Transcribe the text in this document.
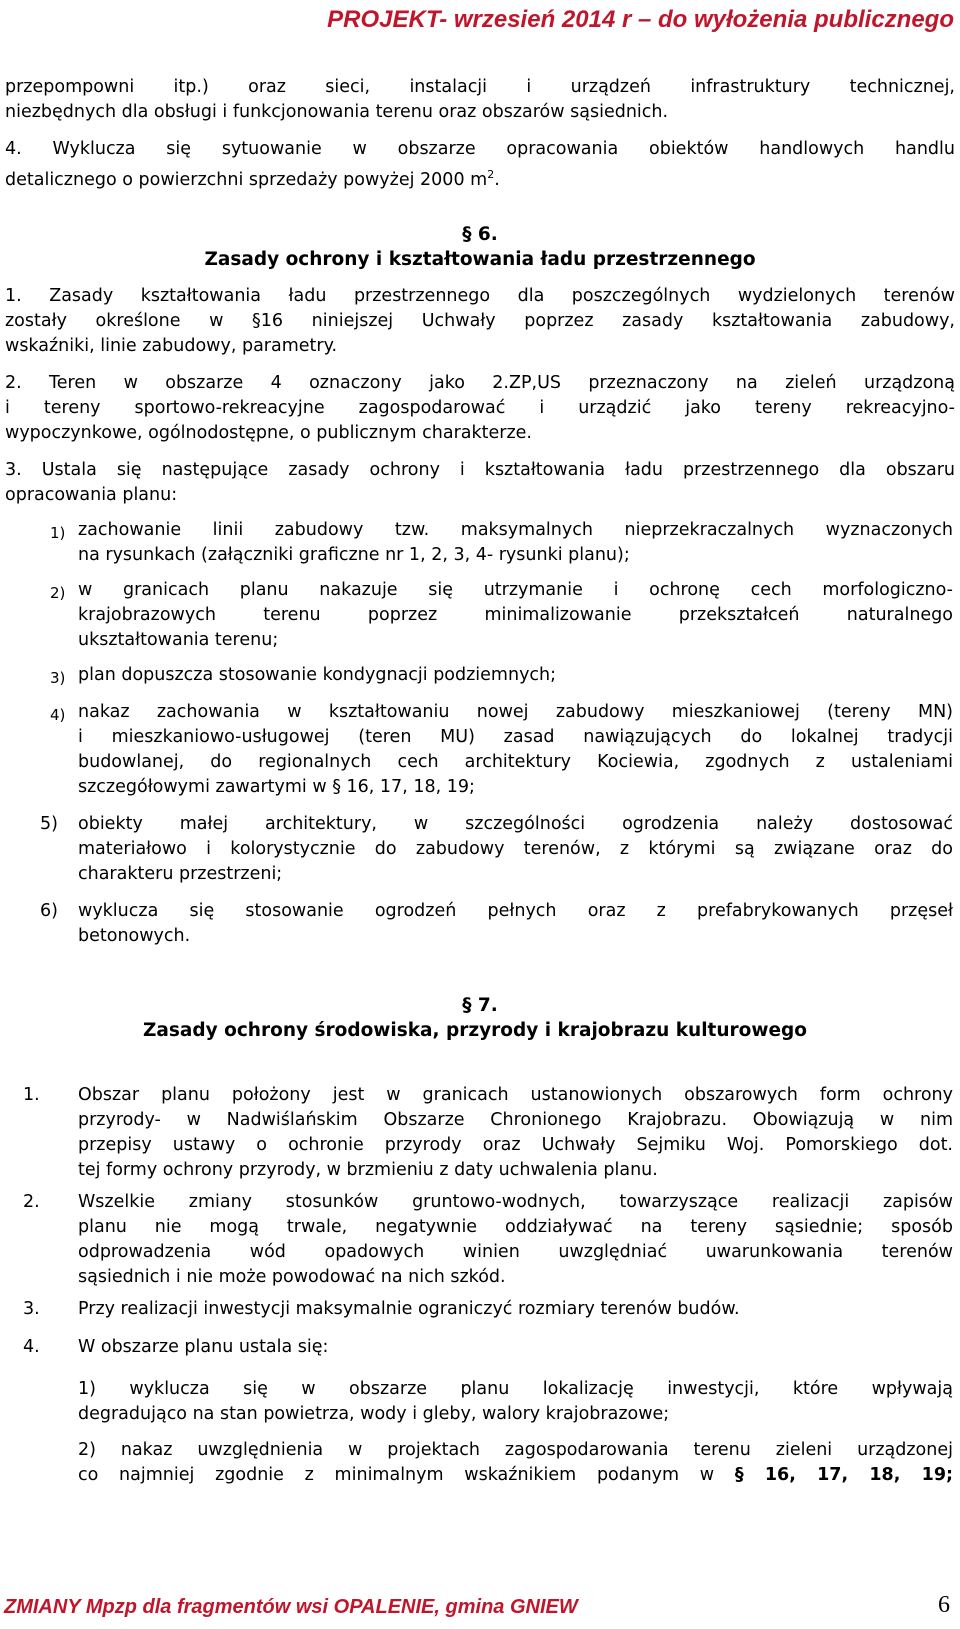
PROJEKT- wrzesień 2014 r – do wyłożenia publicznego
przepompowni itp.) oraz sieci, instalacji i urządzeń infrastruktury technicznej,
niezbędnych dla obsługi i funkcjonowania terenu oraz obszarów sąsiednich.
4. Wyklucza się sytuowanie w obszarze opracowania obiektów handlowych handlu
detalicznego o powierzchni sprzedaży powyżej 2000 $m^2$.
§ 6.
Zasady ochrony i kształtowania ładu przestrzennego
1. Zasady kształtowania ładu przestrzennego dla poszczególnych wydzielonych terenów
zostały określone w §16 niniejszej Uchwały poprzez zasady kształtowania zabudowy,
wskaźniki, linie zabudowy, parametry.
2. Teren w obszarze 4 oznaczony jako 2.ZP,US przeznaczony na zieleń urządzoną
i tereny sportowo-rekreacyjne zagospodarować i urządzić jako tereny rekreacyjno-
wypoczynkowe, ogólnodostępne, o publicznym charakterze.
3. Ustala się następujące zasady ochrony i kształtowania ładu przestrzennego dla obszaru
opracowania planu:
1) zachowanie linii zabudowy tzw. maksymalnych nieprzekraczalnych wyznaczonych
na rysunkach (załączniki graficzne nr 1, 2, 3, 4- rysunki planu);
2) w granicach planu nakazuje się utrzymanie i ochronę cech morfologiczno-
krajobrazowych terenu poprzez minimalizowanie przekształceń naturalnego
ukształtowania terenu;
3) plan dopuszcza stosowanie kondygnacji podziemnych;
4) nakaz zachowania w kształtowaniu nowej zabudowy mieszkaniowej (tereny MN)
i mieszkaniowo-usługowej (teren MU) zasad nawiązujących do lokalnej tradycji
budowlanej, do regionalnych cech architektury Kociewia, zgodnych z ustaleniami
szczegółowymi zawartymi w § 16, 17, 18, 19;
5) obiekty małej architektury, w szczególności ogrodzenia należy dostosować
materiałowo i kolorystycznie do zabudowy terenów, z którymi są związane oraz do
charakteru przestrzeni;
6) wyklucza się stosowanie ogrodzeń pełnych oraz z prefabrykowanych przęseł
betonowych.
§ 7.
Zasady ochrony środowiska, przyrody i krajobrazu kulturowego
1. Obszar planu położony jest w granicach ustanowionych obszarowych form ochrony
przyrody- w Nadwiślańskim Obszarze Chronionego Krajobrazu. Obowiązują w nim
przepisy ustawy o ochronie przyrody oraz Uchwały Sejmiku Woj. Pomorskiego dot.
tej formy ochrony przyrody, w brzmieniu z daty uchwalenia planu.
2. Wszelkie zmiany stosunków gruntowo-wodnych, towarzyszące realizacji zapisów
planu nie mogą trwale, negatywnie oddziaływać na tereny sąsiednie; sposób
odprowadzenia wód opadowych winien uwzględniać uwarunkowania terenów
sąsiednich i nie może powodować na nich szkód.
3. Przy realizacji inwestycji maksymalnie ograniczyć rozmiary terenów budów.
4. W obszarze planu ustala się:
1) wyklucza się w obszarze planu lokalizację inwestycji, które wpływają
degradująco na stan powietrza, wody i gleby, walory krajobrazowe;
2) nakaz uwzględnienia w projektach zagospodarowania terenu zieleni urządzonej
co najmniej zgodnie z minimalnym wskaźnikiem podanym w § 16, 17, 18, 19;
ZMIANY Mpzp dla fragmentów wsi OPALENIE, gmina GNIEW	6
